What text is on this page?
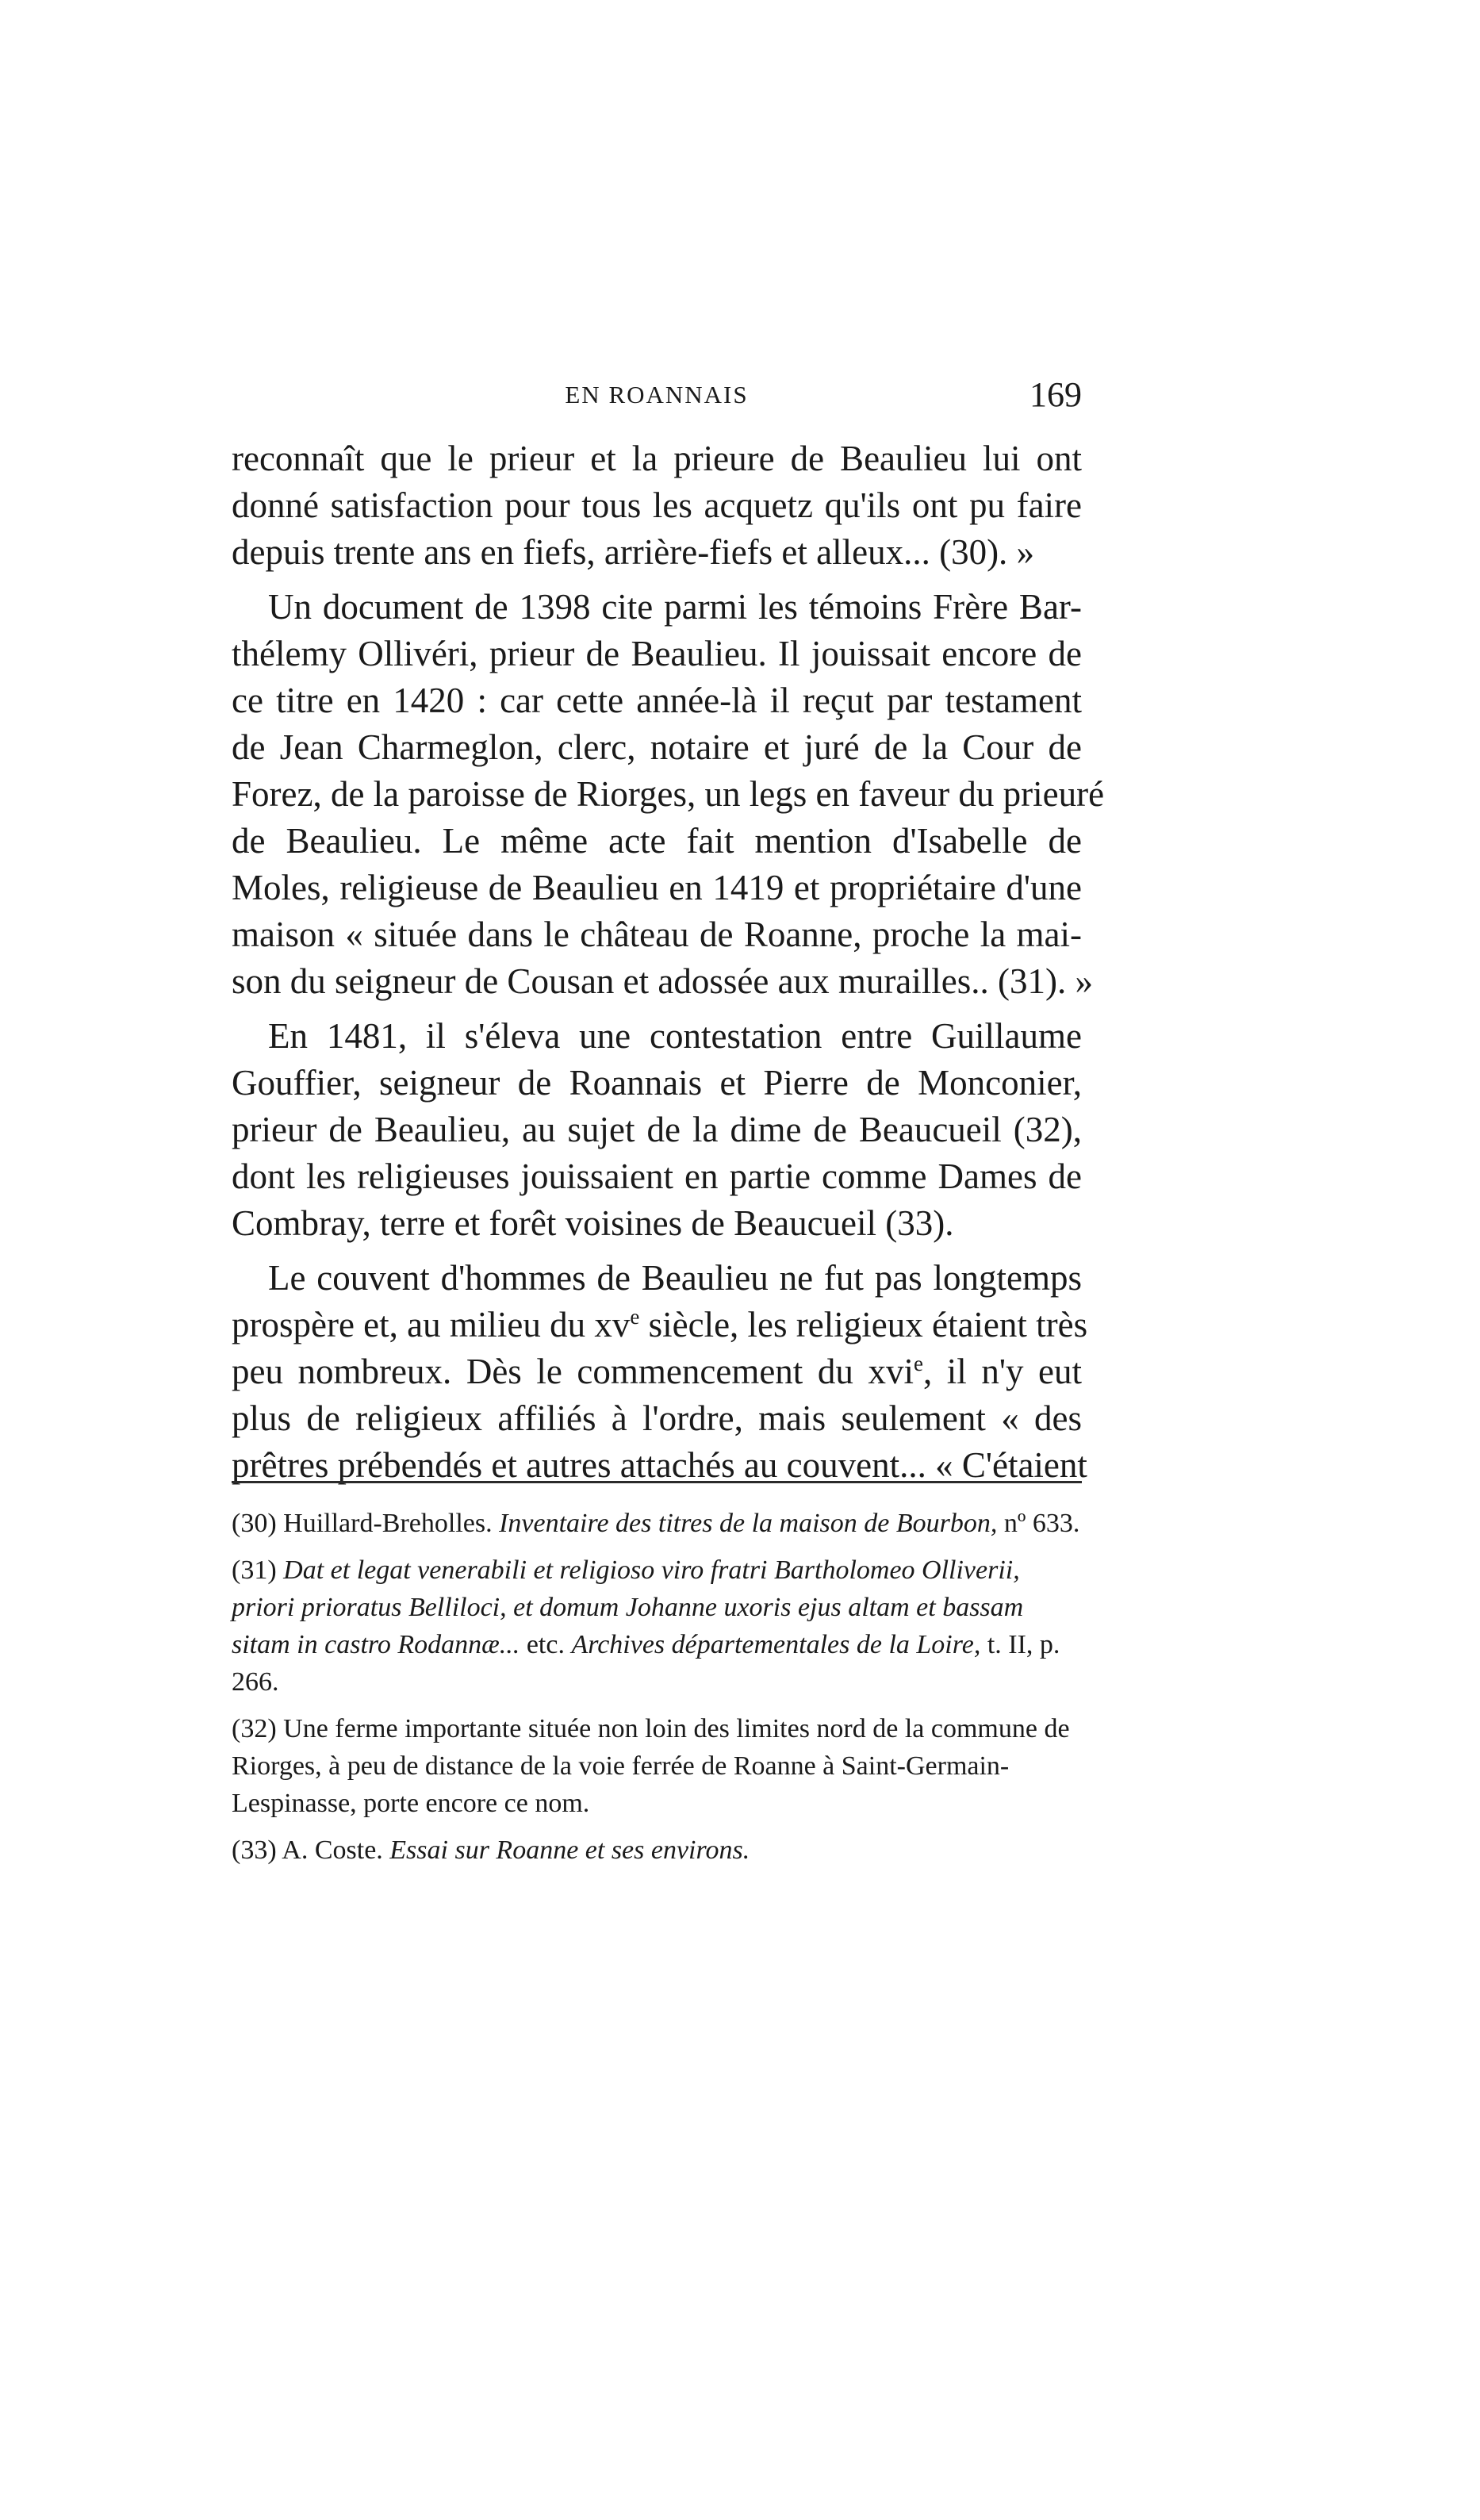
EN ROANNAIS	169

reconnaît que le prieur et la prieure de Beaulieu lui ont
donné satisfaction pour tous les acquetz qu'ils ont pu faire
depuis trente ans en fiefs, arrière-fiefs et alleux... (30). »

Un document de 1398 cite parmi les témoins Frère Bar-
thélemy Ollivéri, prieur de Beaulieu. Il jouissait encore de
ce titre en 1420 : car cette année-là il reçut par testament
de Jean Charmeglon, clerc, notaire et juré de la Cour de
Forez, de la paroisse de Riorges, un legs en faveur du prieuré
de Beaulieu. Le même acte fait mention d'Isabelle de
Moles, religieuse de Beaulieu en 1419 et propriétaire d'une
maison « située dans le château de Roanne, proche la mai-
son du seigneur de Cousan et adossée aux murailles.. (31). »

En 1481, il s'éleva une contestation entre Guillaume
Gouffier, seigneur de Roannais et Pierre de Monconier,
prieur de Beaulieu, au sujet de la dime de Beaucueil (32),
dont les religieuses jouissaient en partie comme Dames de
Combray, terre et forêt voisines de Beaucueil (33).

Le couvent d'hommes de Beaulieu ne fut pas longtemps
prospère et, au milieu du $xv^e$ siècle, les religieux étaient très
peu nombreux. Dès le commencement du xvi$^e$, il n'y eut
plus de religieux affiliés à l'ordre, mais seulement « des
prêtres prébendés et autres attachés au couvent... « C'étaient

(30) Huillard-Breholles. Inventaire des titres de la maison de Bourbon, nº 633.

(31) Dat et legat venerabili et religioso viro fratri Bartholomeo Olliverii, priori prioratus Belliloci, et domum Johanne uxoris ejus altam et bassam sitam in castro Rodannæ... etc. Archives départementales de la Loire, t. II, p. 266.

(32) Une ferme importante située non loin des limites nord de la commune de Riorges, à peu de distance de la voie ferrée de Roanne à Saint-Germain-Lespinasse, porte encore ce nom.

(33) A. Coste. Essai sur Roanne et ses environs.
